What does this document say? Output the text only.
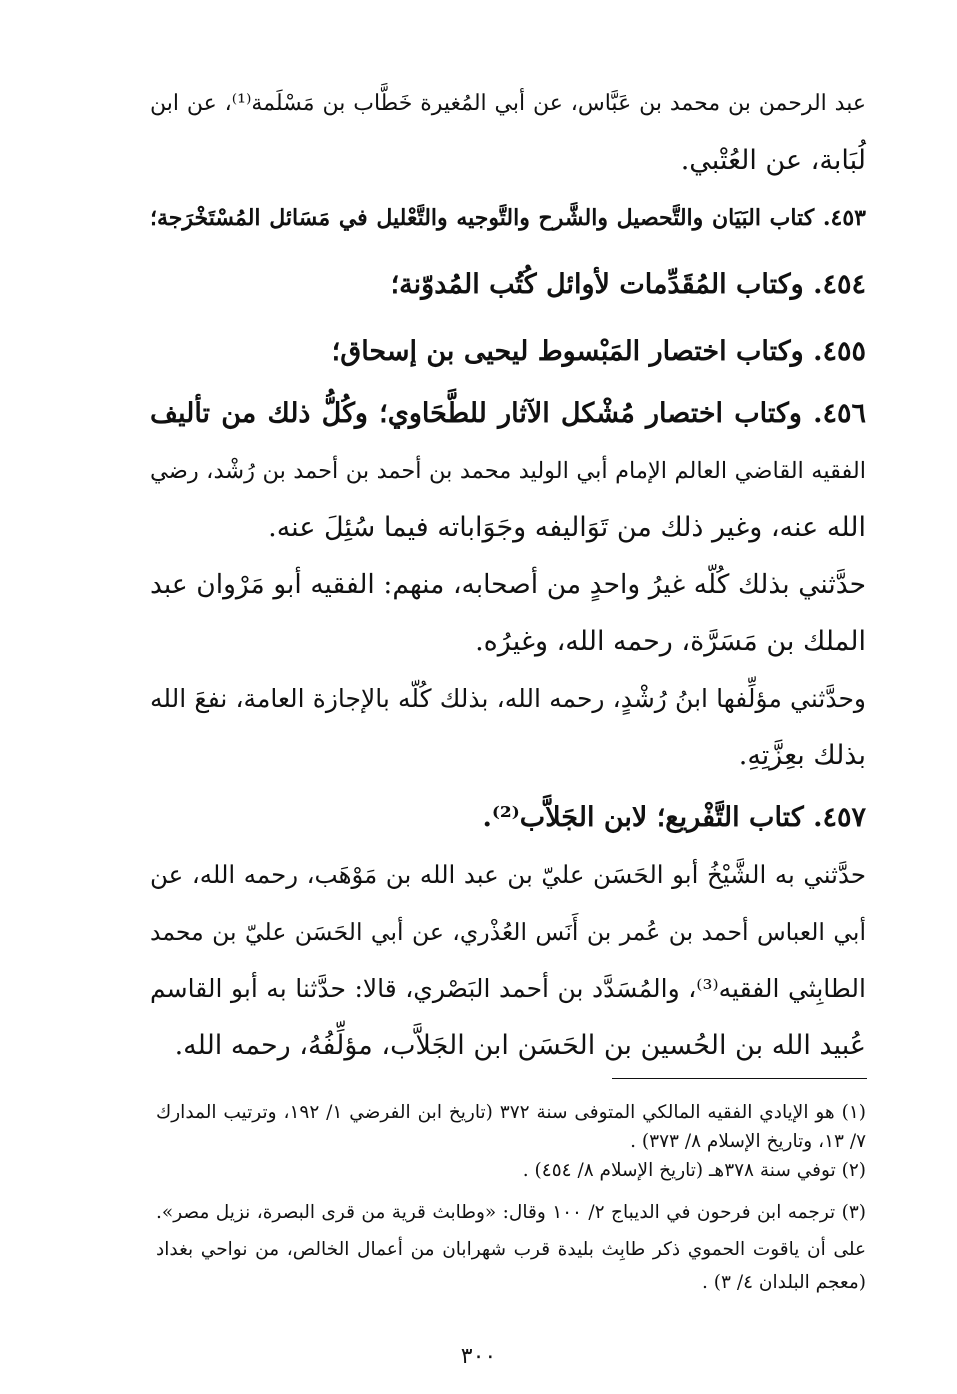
عبد الرحمن بن محمد بن عَبَّاس، عن أبي المُغيرة خَطَّاب بن مَسْلَمة⁽¹⁾، عن ابن
لُبَابة، عن العُتْبي.
٤٥٣. كتاب البَيَان والتَّحصيل والشَّرح والتَّوجيه والتَّعْليل في مَسَائل المُسْتَخْرَجة؛
٤٥٤. وكتاب المُقَدِّمات لأوائل كُتُب المُدوّنة؛
٤٥٥. وكتاب اختصار المَبْسوط ليحيى بن إسحاق؛
٤٥٦. وكتاب اختصار مُشْكل الآثار للطَّحَاوي؛ وكُلُّ ذلك من تأليف
الفقيه القاضي العالم الإمام أبي الوليد محمد بن أحمد بن أحمد بن رُشْد، رضي
الله عنه، وغير ذلك من تَوَاليفه وجَوَاباته فيما سُئِلَ عنه.
حدَّثني بذلك كُلّه غيرُ واحدٍ من أصحابه، منهم: الفقيه أبو مَرْوان عبد
الملك بن مَسَرَّة، رحمه الله، وغيرُه.
وحدَّثني مؤلِّفها ابنُ رُشْدٍ، رحمه الله، بذلك كُلّه بالإجازة العامة، نفعَ الله
بذلك بعِزَّتِهِ.
٤٥٧. كتاب التَّفْريع؛ لابن الجَلاَّب⁽²⁾.
حدَّثني به الشَّيْخُ أبو الحَسَن عليّ بن عبد الله بن مَوْهَب، رحمه الله، عن
أبي العباس أحمد بن عُمر بن أَنَس العُذْري، عن أبي الحَسَن عليّ بن محمد
الطابِثي الفقيه⁽³⁾، والمُسَدَّد بن أحمد البَصْري، قالا: حدَّثنا به أبو القاسم
عُبيد الله بن الحُسين بن الحَسَن ابن الجَلاَّب، مؤلِّفُهُ، رحمه الله.
(١) هو الإيادي الفقيه المالكي المتوفى سنة ٣٧٢ (تاريخ ابن الفرضي ١/ ١٩٢، وترتيب المدارك
٧/ ١٣، وتاريخ الإسلام ٨/ ٣٧٣) .
(٢) توفي سنة ٣٧٨هـ (تاريخ الإسلام ٨/ ٤٥٤) .
(٣) ترجمه ابن فرحون في الديباج ٢/ ١٠٠ وقال: «وطابث قرية من قرى البصرة، نزيل مصر».
على أن ياقوت الحموي ذكر طابِث بليدة قرب شهرابان من أعمال الخالص، من نواحي بغداد
(معجم البلدان ٤/ ٣) .
٣٠٠
